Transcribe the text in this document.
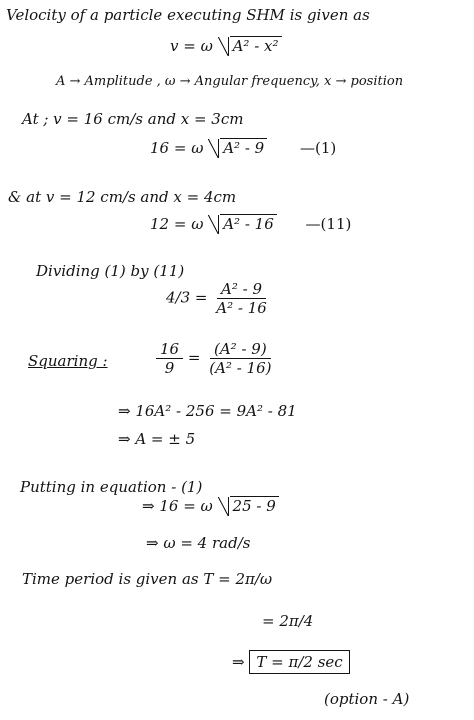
Velocity of a particle executing SHM is given as
v = ω A² - x²
A → Amplitude , ω → Angular frequency, x → position
At ; v = 16 cm/s and x = 3cm
16 = ω A² - 9 —(1)
& at v = 12 cm/s and x = 4cm
12 = ω A² - 16 —(11)
Dividing (1) by (11)
$4/3 = \frac{\text{A² - 9}}{\text{A² - 16}}$
Squaring :	$\frac{16}{9} = \frac{\text{(A² - 9)}}{\text{(A² - 16)}}$
⇒ 16A² - 256 = 9A² - 81
⇒ A = ± 5
Putting in equation - (1)
⇒ 16 = ω 25 - 9
⇒ ω = 4 rad/s
Time period is given as T = 2π/ω
= 2π/4
⇒ T = π/2 sec
(option - A)
